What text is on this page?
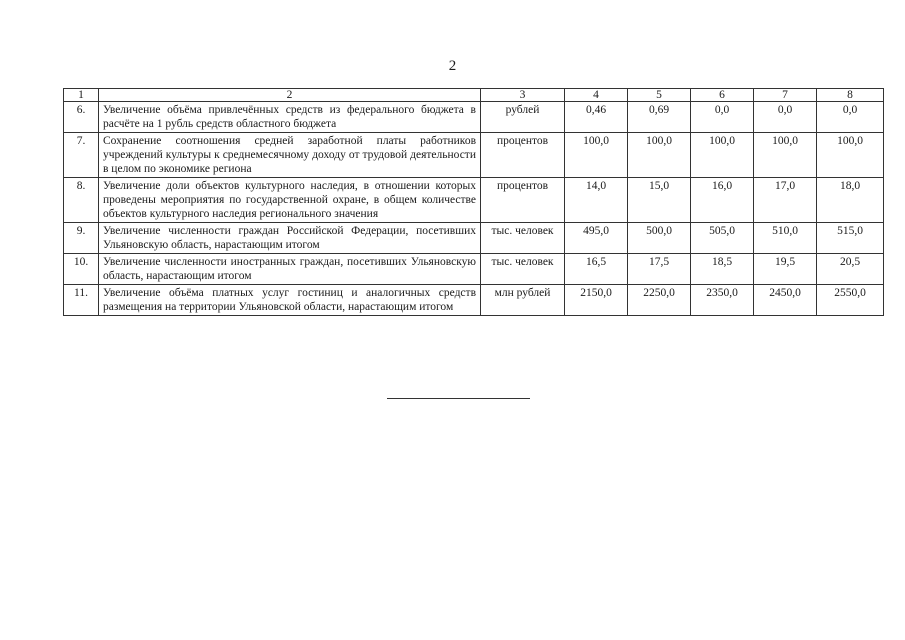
2
1	2	3	4	5	6	7	8
6.	Увеличение объёма привлечённых средств из федерального бюджета в расчёте на 1 рубль средств областного бюджета	рублей	0,46	0,69	0,0	0,0	0,0
7.	Сохранение соотношения средней заработной платы работников учреждений культуры к среднемесячному доходу от трудовой деятельности в целом по экономике региона	процентов	100,0	100,0	100,0	100,0	100,0
8.	Увеличение доли объектов культурного наследия, в отношении которых проведены мероприятия по государственной охране, в общем количестве объектов культурного наследия регионального значения	процентов	14,0	15,0	16,0	17,0	18,0
9.	Увеличение численности граждан Российской Федерации, посетивших Ульяновскую область, нарастающим итогом	тыс. человек	495,0	500,0	505,0	510,0	515,0
10.	Увеличение численности иностранных граждан, посетивших Ульяновскую область, нарастающим итогом	тыс. человек	16,5	17,5	18,5	19,5	20,5
11.	Увеличение объёма платных услуг гостиниц и аналогичных средств размещения на территории Ульяновской области, нарастающим итогом	млн рублей	2150,0	2250,0	2350,0	2450,0	2550,0
